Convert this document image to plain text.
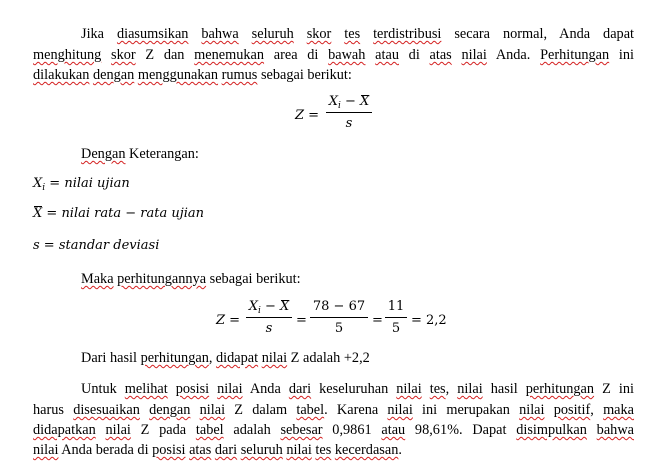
Jika diasumsikan bahwa seluruh skor tes terdistribusi secara normal, Anda dapat
menghitung skor Z dan menemukan area di bawah atau di atas nilai Anda. Perhitungan ini
dilakukan dengan menggunakan rumus sebagai berikut:
Z =
$X_i - X$
s
Dengan Keterangan:
$X_i$ = nilai ujian
X = nilai rata − rata ujian
s = standar deviasi
Maka perhitungannya sebagai berikut:
Z =
$X_i - X$
s
=
78 − 67
5
=
11
5
= 2,2
Dari hasil perhitungan, didapat nilai Z adalah +2,2
Untuk melihat posisi nilai Anda dari keseluruhan nilai tes, nilai hasil perhitungan Z ini
harus disesuaikan dengan nilai Z dalam tabel. Karena nilai ini merupakan nilai positif, maka
didapatkan nilai Z pada tabel adalah sebesar 0,9861 atau 98,61%. Dapat disimpulkan bahwa
nilai Anda berada di posisi atas dari seluruh nilai tes kecerdasan.
